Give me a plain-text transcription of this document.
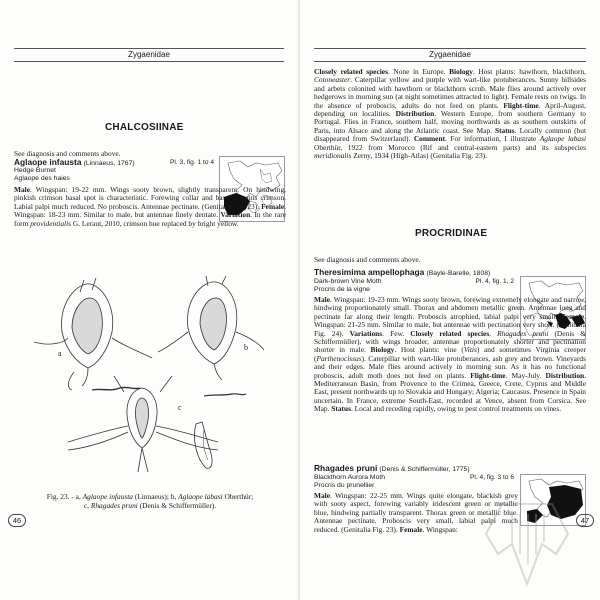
Zygaenidae
CHALCOSIINAE
See diagnosis and comments above.
Aglaope infausta (Linnaeus, 1767)	Pl. 3, fig. 1 to 4
Hedge Burnet
Aglaope des haies
Male. Wingspan: 19-22 mm. Wings sooty brown, slightly transparent. On hindwing, pinkish crimson basal spot is characteristic. Forewing collar and basal margins crimson. Labial palpi much reduced. No proboscis. Antennae pectinate. (Genitalia Fig. 23). Female. Wingspan: 18-23 mm. Similar to male, but antennae finely dentate. Variation. In the rare form providentialis G. Leraut, 2010, crimson hue replaced by bright yellow.
a
b
c
Fig. 23. - a, Aglaope infausta (Linnaeus); b, Aglaope labasi Oberthür;
c, Rhagades pruni (Denis & Schiffermüller).
46
Zygaenidae
Closely related species. None in Europe. Biology. Host plants: hawthorn, blackthorn, Cotoneaster. Caterpillar yellow and purple with wart-like protuberances. Sunny hillsides and arbets colonited with hawthorn or blackthorn scrub. Male flies around actively over hedgerows in morning sun (at night sometimes attracted to light). Female rests on twigs. In the absence of proboscis, adults do not feed on plants. Flight-time. April-August, depending on localities. Distribution. Western Europe, from southern Germany to Portugal. Flies in France, southern half, moving northwards as as southern outskirts of Paris, into Alsace and along the Atlantic coast. See Map. Status. Locally common (but disappeared from Switzerland). Comment. For information, I illustrate Aglaope labasi Oberthür, 1922 from Morocco (Rif and central-eastern parts) and its subspecies meridionalis Zerny, 1934 (High-Atlas) (Genitalia Fig. 23).
PROCRIDINAE
See diagnosis and comments above.
Theresimima ampellophaga (Bayle-Barelle, 1808)
Dark-brown Vine Moth	Pl. 4, fig. 1, 2
Procris de la vigne
Male. Wingspan: 19-23 mm. Wings sooty brown, forewing extremely elongate and narrow, hindwing proportionately small. Thorax and abdomen metallic green. Antennae long and pectinate far along their length. Proboscis atrophied, labial palpi very small. Female. Wingspan: 21-25 mm. Similar to male, but antennae with pectination very short. (Genitalia Fig. 24). Variations. Few. Closely related species. Rhagades pruni (Denis & Schiffermüller), with wings broader, antennae proportionately shorter and pectination shorter in male. Biology. Host plants: vine (Vitis) and sometimes Virginia creeper (Parthenocissus). Caterpillar with wart-like protuberances, ash grey and brown. Vineyards and their edges. Male flies around actively in morning sun. As it has no functional proboscis, adult moth does not feed on plants. Flight-time. May-July. Distribution. Mediterranean Basin, from Provence to the Crimea, Greece, Crete, Cyprus and Middle East, present northwards up to Slovakia and Hungary; Algeria; Caucasus. Presence in Spain uncertain. In France, extreme South-East, recorded at Vence, absent from Corsica. See Map. Status. Local and receding rapidly, owing to pest control treatments on vines.
Rhagades pruni (Denis & Schiffermüller, 1775)
Blackthorn Aurora Moth	Pl. 4, fig. 3 to 6
Procris du prunellier
Male. Wingspan: 22-25 mm. Wings quite elongate, blackish grey with sooty aspect, forewing variably iridescent green or metallic blue, hindwing partially transparent. Thorax green or metallic blue. Antennae pectinate. Proboscis very small, labial palpi much reduced. (Genitalia Fig. 23). Female. Wingspan:
47
